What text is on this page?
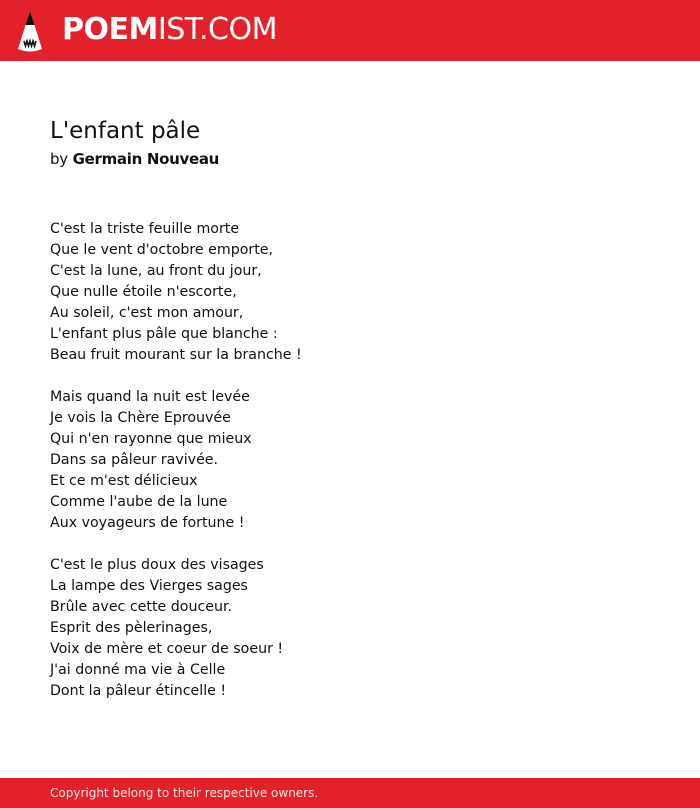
POEMIST.COM
L'enfant pâle
by Germain Nouveau
C'est la triste feuille morte
Que le vent d'octobre emporte,
C'est la lune, au front du jour,
Que nulle étoile n'escorte,
Au soleil, c'est mon amour,
L'enfant plus pâle que blanche :
Beau fruit mourant sur la branche !
Mais quand la nuit est levée
Je vois la Chère Eprouvée
Qui n'en rayonne que mieux
Dans sa pâleur ravivée.
Et ce m'est délicieux
Comme l'aube de la lune
Aux voyageurs de fortune !
C'est le plus doux des visages
La lampe des Vierges sages
Brûle avec cette douceur.
Esprit des pèlerinages,
Voix de mère et coeur de soeur !
J'ai donné ma vie à Celle
Dont la pâleur étincelle !
Copyright belong to their respective owners.
